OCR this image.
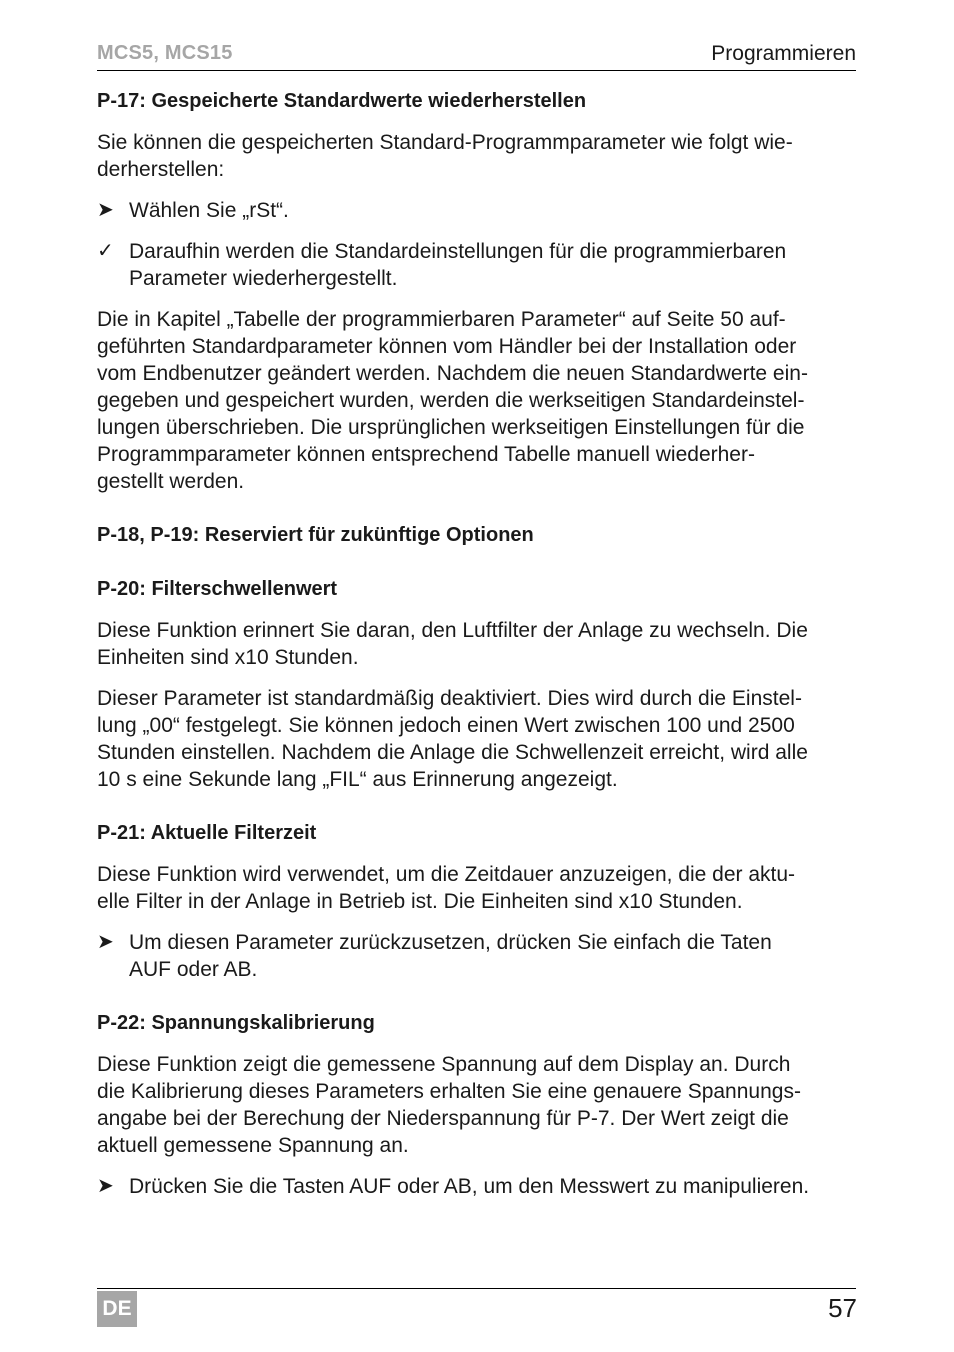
MCS5, MCS15	Programmieren
P-17: Gespeicherte Standardwerte wiederherstellen

Sie können die gespeicherten Standard-Programmparameter wie folgt wie-
derherstellen:

➤ Wählen Sie „rSt“.
✓ Daraufhin werden die Standardeinstellungen für die programmierbaren
Parameter wiederhergestellt.

Die in Kapitel „Tabelle der programmierbaren Parameter“ auf Seite 50 auf-
geführten Standardparameter können vom Händler bei der Installation oder
vom Endbenutzer geändert werden. Nachdem die neuen Standardwerte ein-
gegeben und gespeichert wurden, werden die werkseitigen Standardeinstel-
lungen überschrieben. Die ursprünglichen werkseitigen Einstellungen für die
Programmparameter können entsprechend Tabelle manuell wiederher-
gestellt werden.

P-18, P-19: Reserviert für zukünftige Optionen
P-20: Filterschwellenwert

Diese Funktion erinnert Sie daran, den Luftfilter der Anlage zu wechseln. Die
Einheiten sind x10 Stunden.

Dieser Parameter ist standardmäßig deaktiviert. Dies wird durch die Einstel-
lung „00“ festgelegt. Sie können jedoch einen Wert zwischen 100 und 2500
Stunden einstellen. Nachdem die Anlage die Schwellenzeit erreicht, wird alle
10 s eine Sekunde lang „FIL“ aus Erinnerung angezeigt.

P-21: Aktuelle Filterzeit

Diese Funktion wird verwendet, um die Zeitdauer anzuzeigen, die der aktu-
elle Filter in der Anlage in Betrieb ist. Die Einheiten sind x10 Stunden.

➤ Um diesen Parameter zurückzusetzen, drücken Sie einfach die Taten
AUF oder AB.
P-22: Spannungskalibrierung

Diese Funktion zeigt die gemessene Spannung auf dem Display an. Durch
die Kalibrierung dieses Parameters erhalten Sie eine genauere Spannungs-
angabe bei der Berechung der Niederspannung für P-7. Der Wert zeigt die
aktuell gemessene Spannung an.

➤ Drücken Sie die Tasten AUF oder AB, um den Messwert zu manipulieren.
DE	57
